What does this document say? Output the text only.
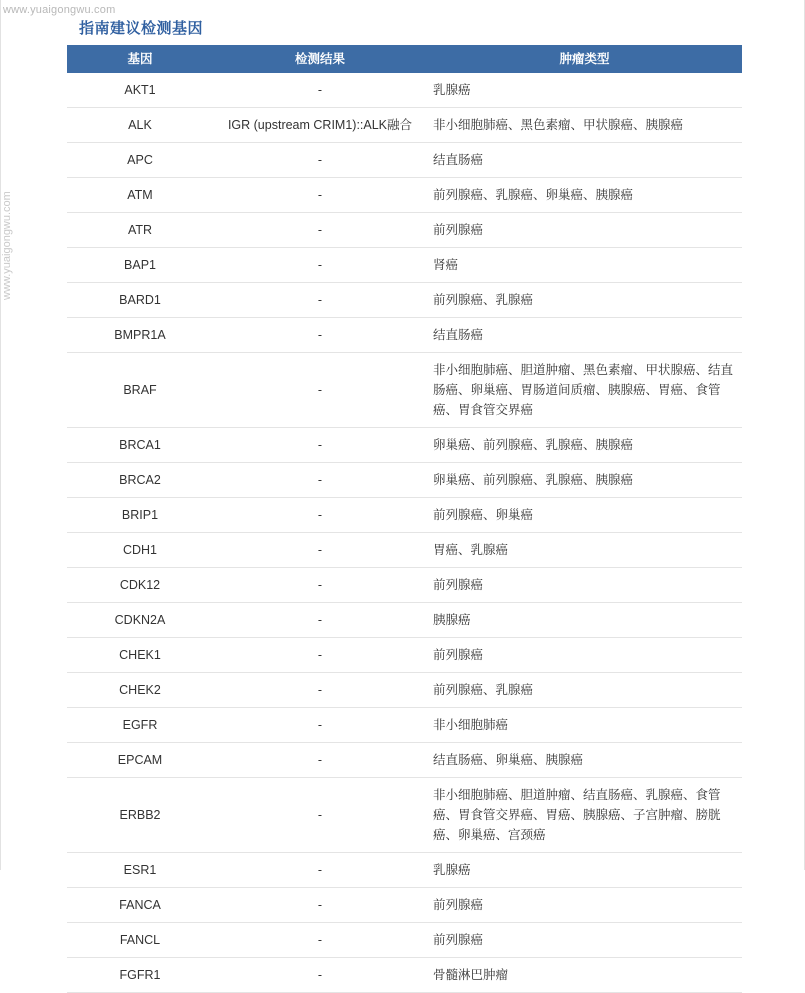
www.yuaigongwu.com
www.yuaigongwu.com
指南建议检测基因
基因	检测结果	肿瘤类型
AKT1	-	乳腺癌
ALK	IGR (upstream CRIM1)::ALK融合	非小细胞肺癌、黑色素瘤、甲状腺癌、胰腺癌
APC	-	结直肠癌
ATM	-	前列腺癌、乳腺癌、卵巢癌、胰腺癌
ATR	-	前列腺癌
BAP1	-	肾癌
BARD1	-	前列腺癌、乳腺癌
BMPR1A	-	结直肠癌
BRAF	-	非小细胞肺癌、胆道肿瘤、黑色素瘤、甲状腺癌、结直肠癌、卵巢癌、胃肠道间质瘤、胰腺癌、胃癌、食管癌、胃食管交界癌
BRCA1	-	卵巢癌、前列腺癌、乳腺癌、胰腺癌
BRCA2	-	卵巢癌、前列腺癌、乳腺癌、胰腺癌
BRIP1	-	前列腺癌、卵巢癌
CDH1	-	胃癌、乳腺癌
CDK12	-	前列腺癌
CDKN2A	-	胰腺癌
CHEK1	-	前列腺癌
CHEK2	-	前列腺癌、乳腺癌
EGFR	-	非小细胞肺癌
EPCAM	-	结直肠癌、卵巢癌、胰腺癌
ERBB2	-	非小细胞肺癌、胆道肿瘤、结直肠癌、乳腺癌、食管癌、胃食管交界癌、胃癌、胰腺癌、子宫肿瘤、膀胱癌、卵巢癌、宫颈癌
ESR1	-	乳腺癌
FANCA	-	前列腺癌
FANCL	-	前列腺癌
FGFR1	-	骨髓淋巴肿瘤
